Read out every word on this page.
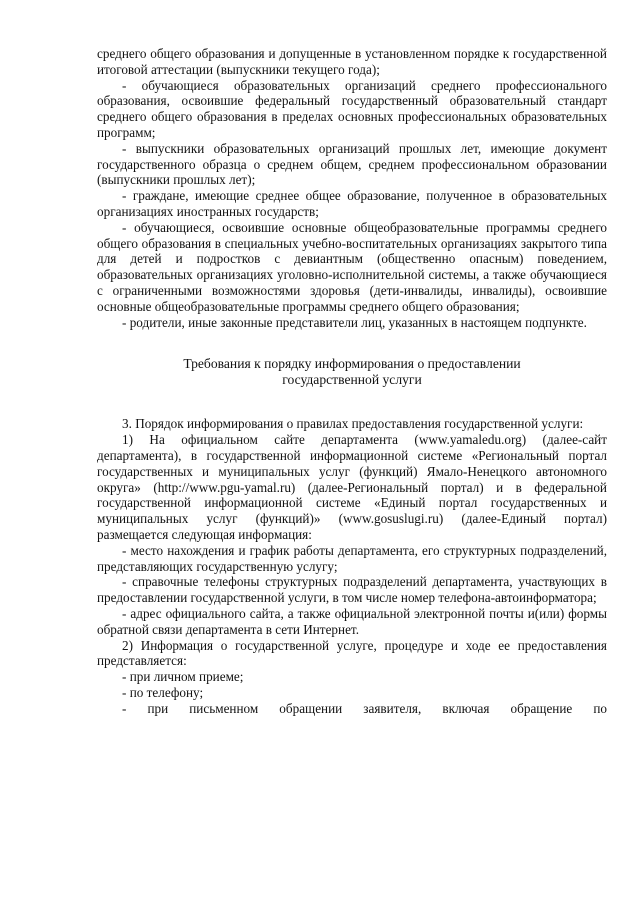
среднего общего образования и допущенные в установленном порядке к государственной итоговой аттестации (выпускники текущего года);

- обучающиеся образовательных организаций среднего профессионального образования, освоившие федеральный государственный образовательный стандарт среднего общего образования в пределах основных профессиональных образовательных программ;

- выпускники образовательных организаций прошлых лет, имеющие документ государственного образца о среднем общем, среднем профессиональном образовании (выпускники прошлых лет);

- граждане, имеющие среднее общее образование, полученное в образовательных организациях иностранных государств;

- обучающиеся, освоившие основные общеобразовательные программы среднего общего образования в специальных учебно-воспитательных организациях закрытого типа для детей и подростков с девиантным (общественно опасным) поведением, образовательных организациях уголовно-исполнительной системы, а также обучающиеся с ограниченными возможностями здоровья (дети-инвалиды, инвалиды), освоившие основные общеобразовательные программы среднего общего образования;

- родители, иные законные представители лиц, указанных в настоящем подпункте.

Требования к порядку информирования о предоставлении
государственной услуги

3. Порядок информирования о правилах предоставления государственной услуги:

1) На официальном сайте департамента (www.yamaledu.org) (далее-сайт департамента), в государственной информационной системе «Региональный портал государственных и муниципальных услуг (функций) Ямало-Ненецкого автономного округа» (http://www.pgu-yamal.ru) (далее-Региональный портал) и в федеральной государственной информационной системе «Единый портал государственных и муниципальных услуг (функций)» (www.gosuslugi.ru) (далее-Единый портал) размещается следующая информация:

- место нахождения и график работы департамента, его структурных подразделений, представляющих государственную услугу;

- справочные телефоны структурных подразделений департамента, участвующих в предоставлении государственной услуги, в том числе номер телефона-автоинформатора;

- адрес официального сайта, а также официальной электронной почты и(или) формы обратной связи департамента в сети Интернет.

2) Информация о государственной услуге, процедуре и ходе ее предоставления представляется:

- при личном приеме;

- по телефону;

- при письменном обращении заявителя, включая обращение по
